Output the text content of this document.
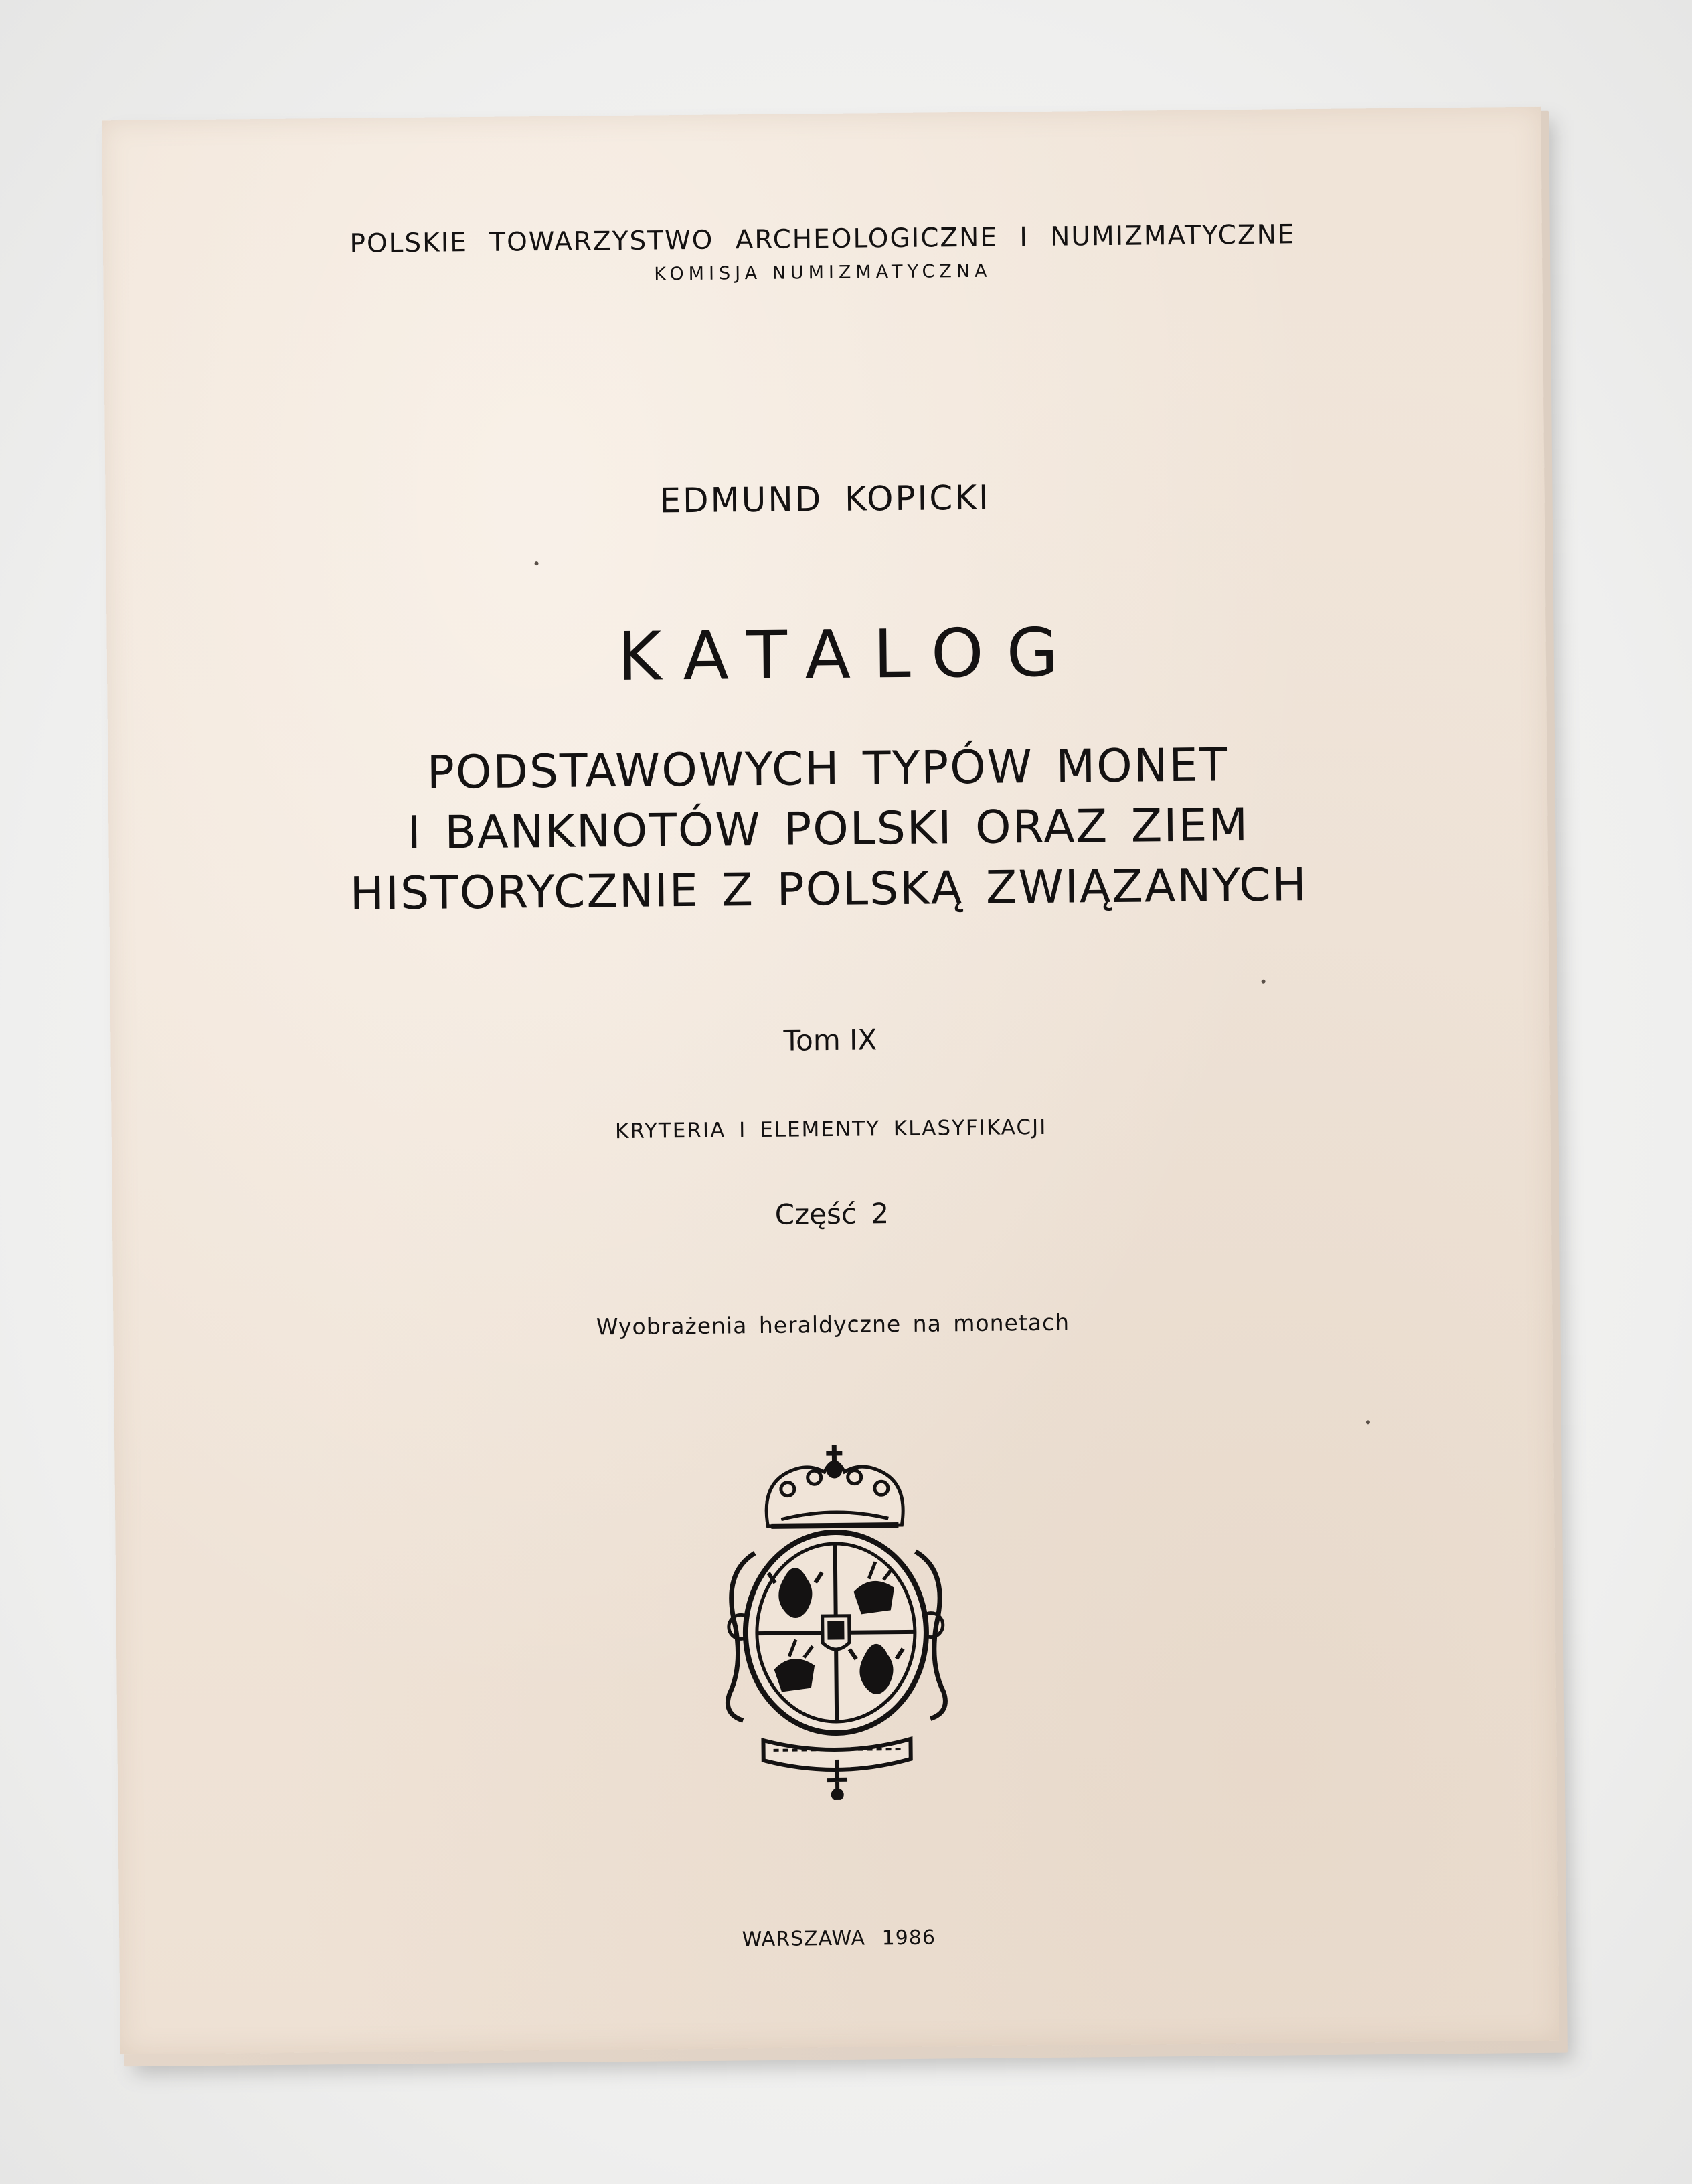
POLSKIE TOWARZYSTWO ARCHEOLOGICZNE I NUMIZMATYCZNE
KOMISJA NUMIZMATYCZNA
EDMUND KOPICKI
KATALOG
PODSTAWOWYCH TYPÓW MONET
I BANKNOTÓW POLSKI ORAZ ZIEM
HISTORYCZNIE Z POLSKĄ ZWIĄZANYCH
Tom IX
KRYTERIA I ELEMENTY KLASYFIKACJI
Część 2
Wyobrażenia heraldyczne na monetach
WARSZAWA 1986
